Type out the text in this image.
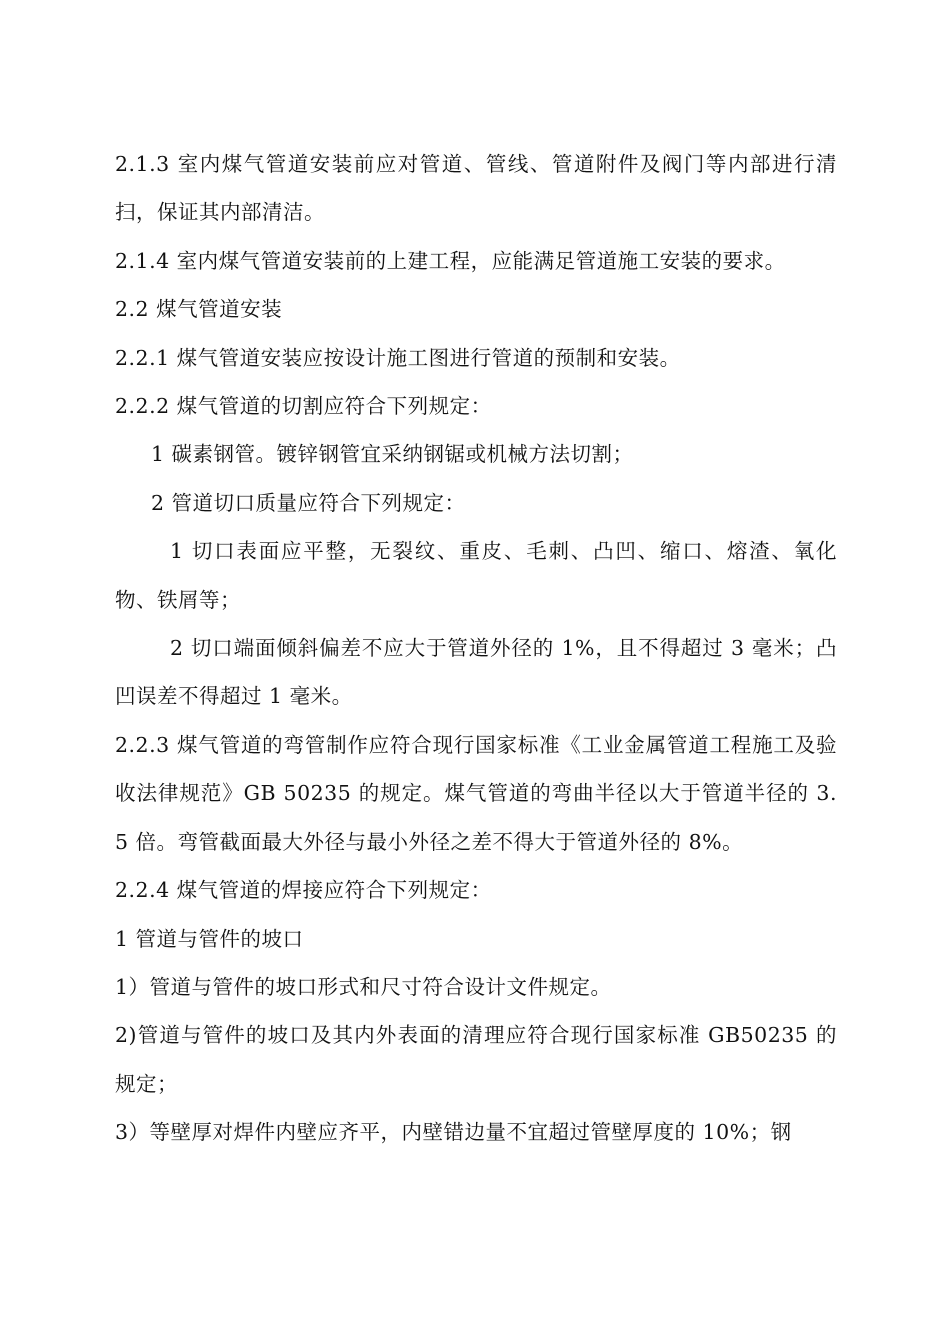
2.1.3 室内煤气管道安装前应对管道、管线、管道附件及阀门等内部进行清扫，保证其内部清洁。

2.1.4 室内煤气管道安装前的上建工程，应能满足管道施工安装的要求。

2.2 煤气管道安装

2.2.1 煤气管道安装应按设计施工图进行管道的预制和安装。

2.2.2 煤气管道的切割应符合下列规定：

1 碳素钢管。镀锌钢管宜采纳钢锯或机械方法切割；

2 管道切口质量应符合下列规定：

1 切口表面应平整，无裂纹、重皮、毛刺、凸凹、缩口、熔渣、氧化物、铁屑等；

2 切口端面倾斜偏差不应大于管道外径的 1%，且不得超过 3 毫米；凸凹误差不得超过 1 毫米。

2.2.3 煤气管道的弯管制作应符合现行国家标准《工业金属管道工程施工及验收法律规范》GB 50235 的规定。煤气管道的弯曲半径以大于管道半径的 3.5 倍。弯管截面最大外径与最小外径之差不得大于管道外径的 8%。

2.2.4 煤气管道的焊接应符合下列规定：

1 管道与管件的坡口

1）管道与管件的坡口形式和尺寸符合设计文件规定。

2)管道与管件的坡口及其内外表面的清理应符合现行国家标准 GB50235 的规定；

3）等壁厚对焊件内壁应齐平，内壁错边量不宜超过管壁厚度的 10%；钢
